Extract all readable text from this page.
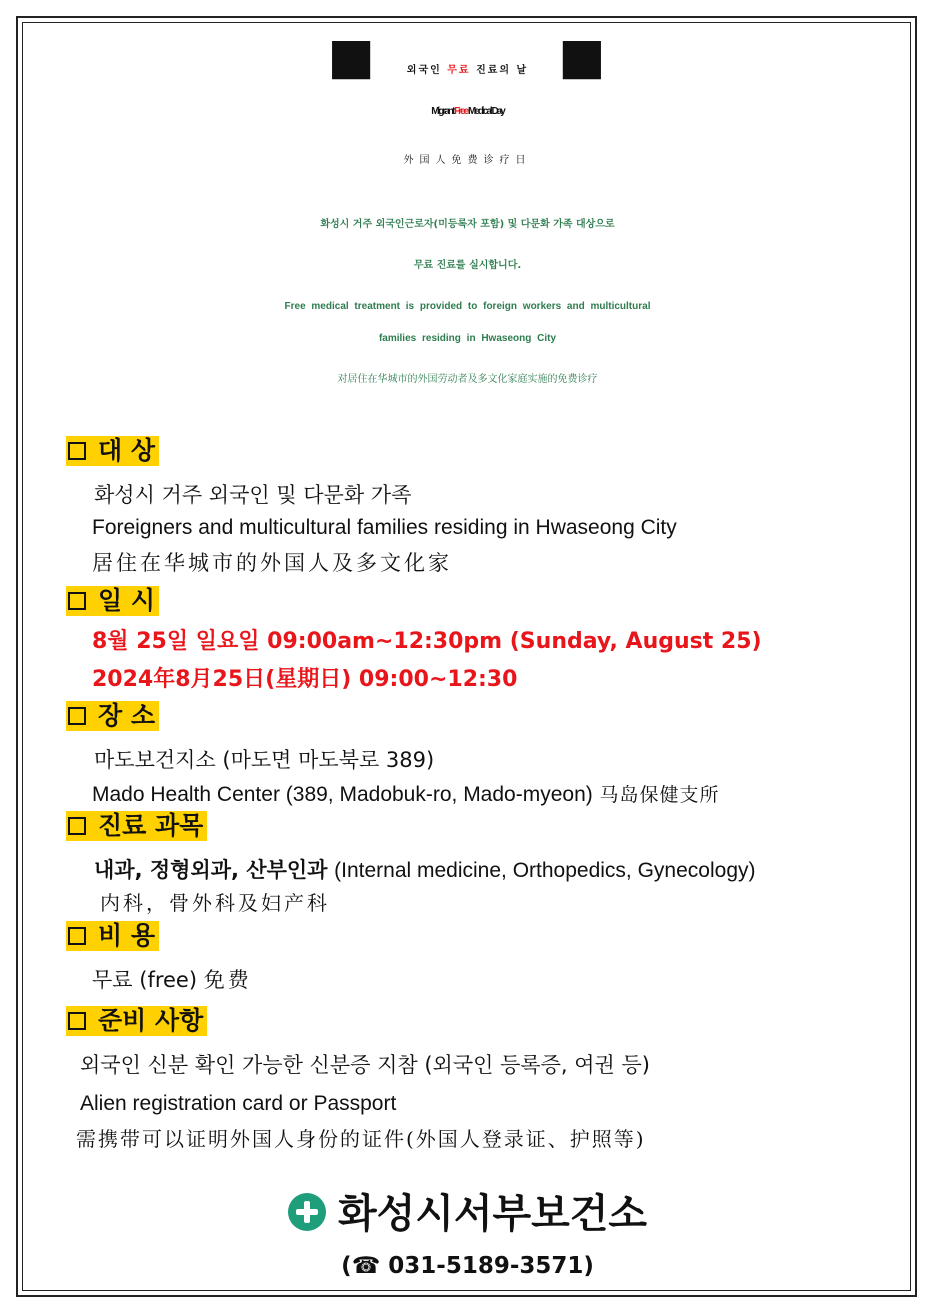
■	외국인 무료 진료의 날 ■
Migrant Free Medical Day
外国人免费诊疗日
화성시 거주 외국인근로자(미등록자 포함) 및 다문화 가족 대상으로
무료 진료를 실시합니다.
Free medical treatment is provided to foreign workers and multicultural
families residing in Hwaseong City
对居住在华城市的外国劳动者及多文化家庭实施的免费诊疗
대 상
화성시 거주 외국인 및 다문화 가족
Foreigners and multicultural families residing in Hwaseong City
居住在华城市的外国人及多文化家
일 시
8월 25일 일요일 09:00am~12:30pm (Sunday, August 25)
2024年8月25日(星期日) 09:00~12:30
장 소
마도보건지소 (마도면 마도북로 389)
Mado Health Center (389, Madobuk-ro, Mado-myeon) 马岛保健支所
진료 과목
내과, 정형외과, 산부인과 (Internal medicine, Orthopedics, Gynecology)
内科，骨外科及妇产科
비 용
무료 (free) 免费
준비 사항
외국인 신분 확인 가능한 신분증 지참 (외국인 등록증, 여권 등)
Alien registration card or Passport
需携带可以证明外国人身份的证件(外国人登录证、护照等)
화성시서부보건소
(☎ 031-5189-3571)
